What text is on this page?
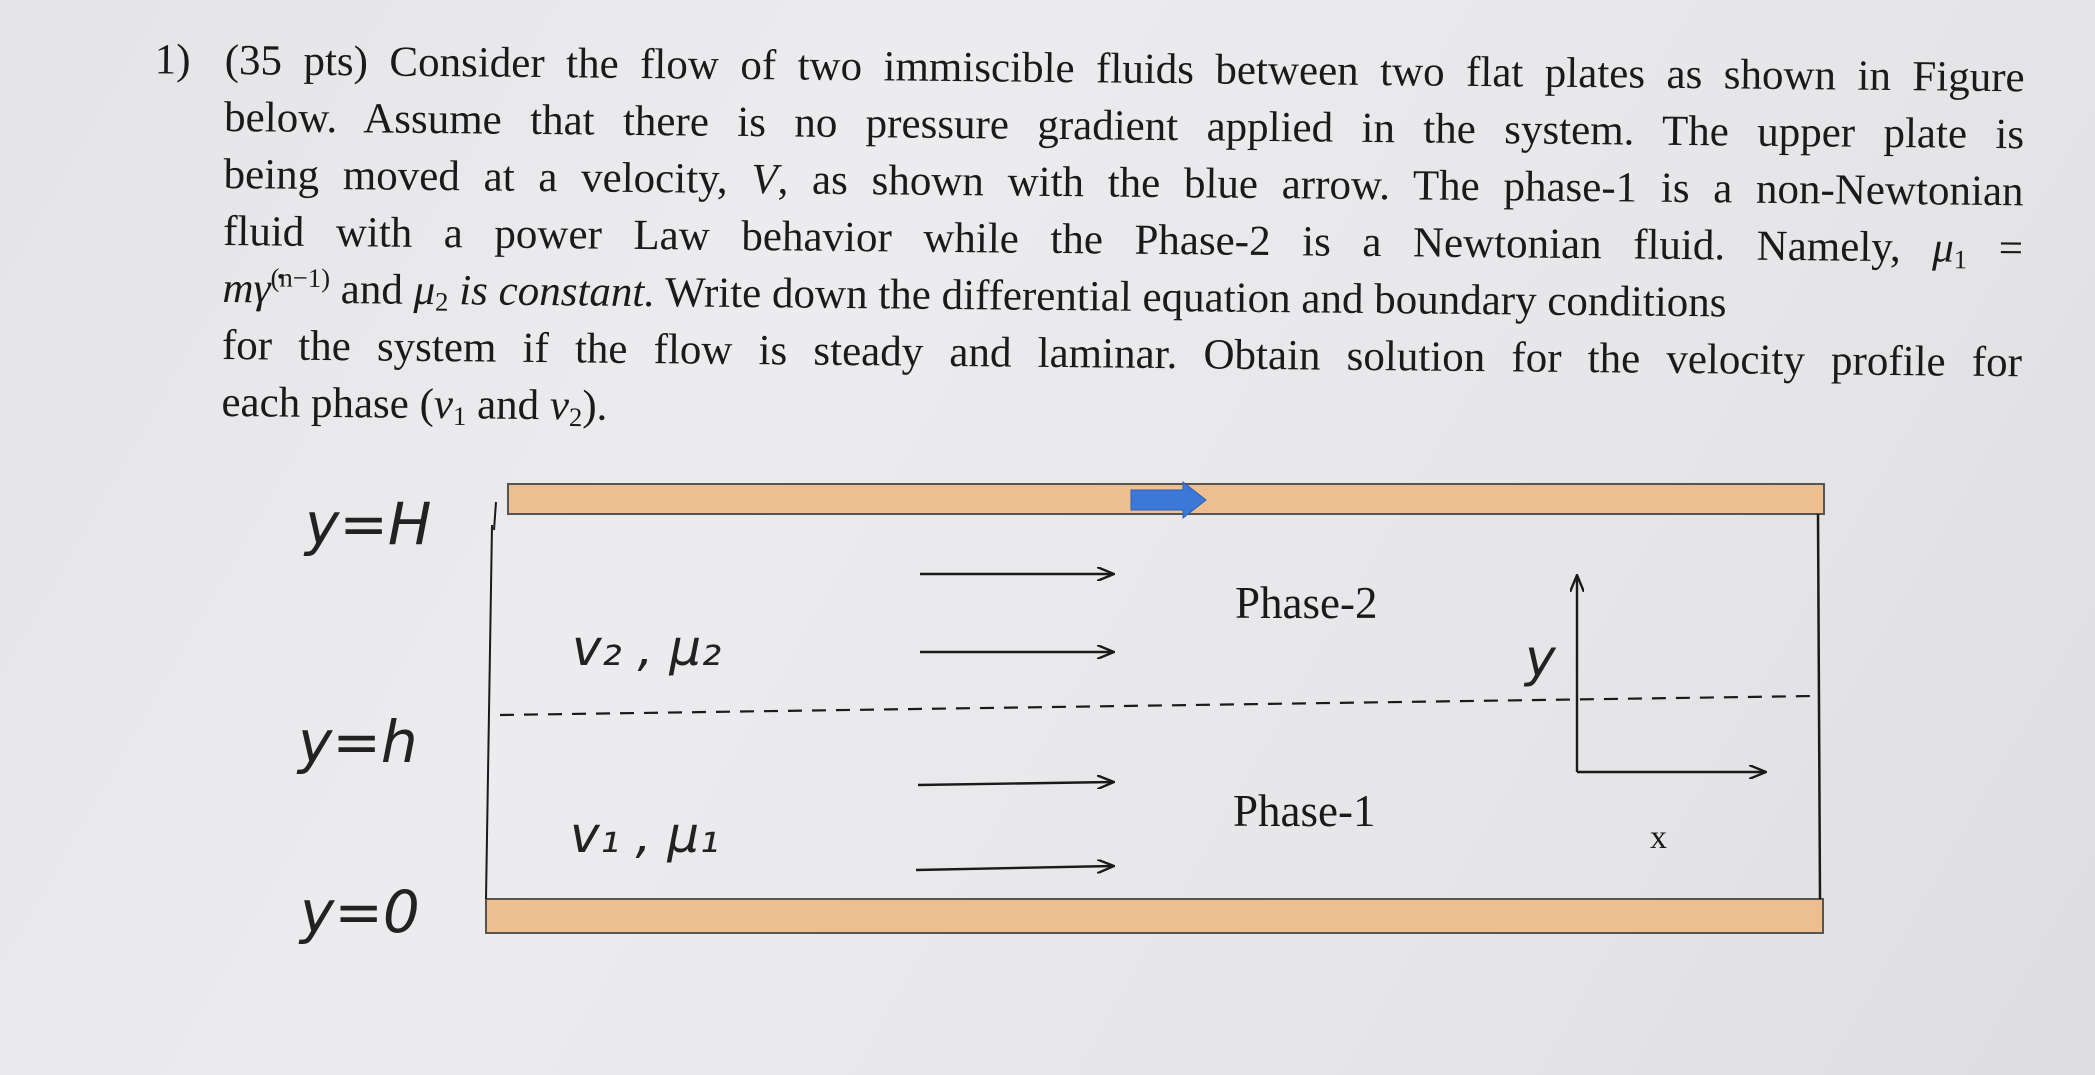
1) (35 pts) Consider the flow of two immiscible fluids between two flat plates as shown in Figure
below. Assume that there is no pressure gradient applied in the system. The upper plate is
being moved at a velocity, V, as shown with the blue arrow. The phase-1 is a non-Newtonian
fluid with a power Law behavior while the Phase-2 is a Newtonian fluid. Namely, $\mu_1$ =
mγ̇$^{(n-1)}$ and $\mu_2$ is constant. Write down the differential equation and boundary conditions
for the system if the flow is steady and laminar. Obtain solution for the velocity profile for
each phase ($v_1$ and $v_2$).
y=H
y=h
y=0
v₂ , μ₂
v₁ , μ₁
Phase-2
Phase-1
y
x
